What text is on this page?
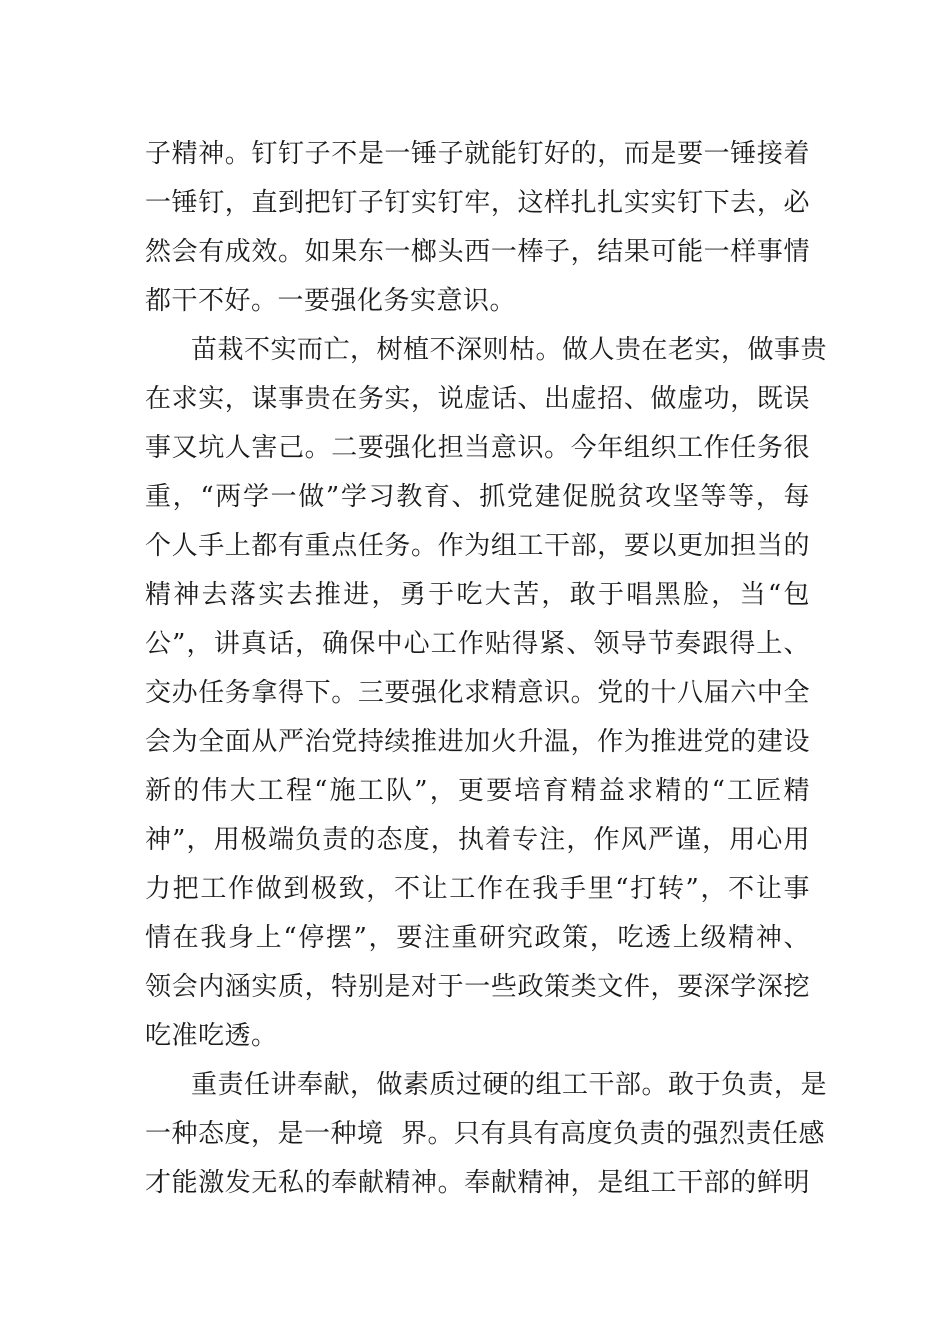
子精神。钉钉子不是一锤子就能钉好的，而是要一锤接着
一锤钉，直到把钉子钉实钉牢，这样扎扎实实钉下去，必
然会有成效。如果东一榔头西一棒子，结果可能一样事情
都干不好。一要强化务实意识。
苗栽不实而亡，树植不深则枯。做人贵在老实，做事贵
在求实，谋事贵在务实，说虚话、出虚招、做虚功，既误
事又坑人害己。二要强化担当意识。今年组织工作任务很
重，“两学一做”学习教育、抓党建促脱贫攻坚等等，每
个人手上都有重点任务。作为组工干部，要以更加担当的
精神去落实去推进，勇于吃大苦，敢于唱黑脸，当“包
公”，讲真话，确保中心工作贴得紧、领导节奏跟得上、
交办任务拿得下。三要强化求精意识。党的十八届六中全
会为全面从严治党持续推进加火升温，作为推进党的建设
新的伟大工程“施工队”，更要培育精益求精的“工匠精
神”，用极端负责的态度，执着专注，作风严谨，用心用
力把工作做到极致，不让工作在我手里“打转”，不让事
情在我身上“停摆”，要注重研究政策，吃透上级精神、
领会内涵实质，特别是对于一些政策类文件，要深学深挖
吃准吃透。
重责任讲奉献，做素质过硬的组工干部。敢于负责，是
一种态度，是一种境  界。只有具有高度负责的强烈责任感
才能激发无私的奉献精神。奉献精神，是组工干部的鲜明
